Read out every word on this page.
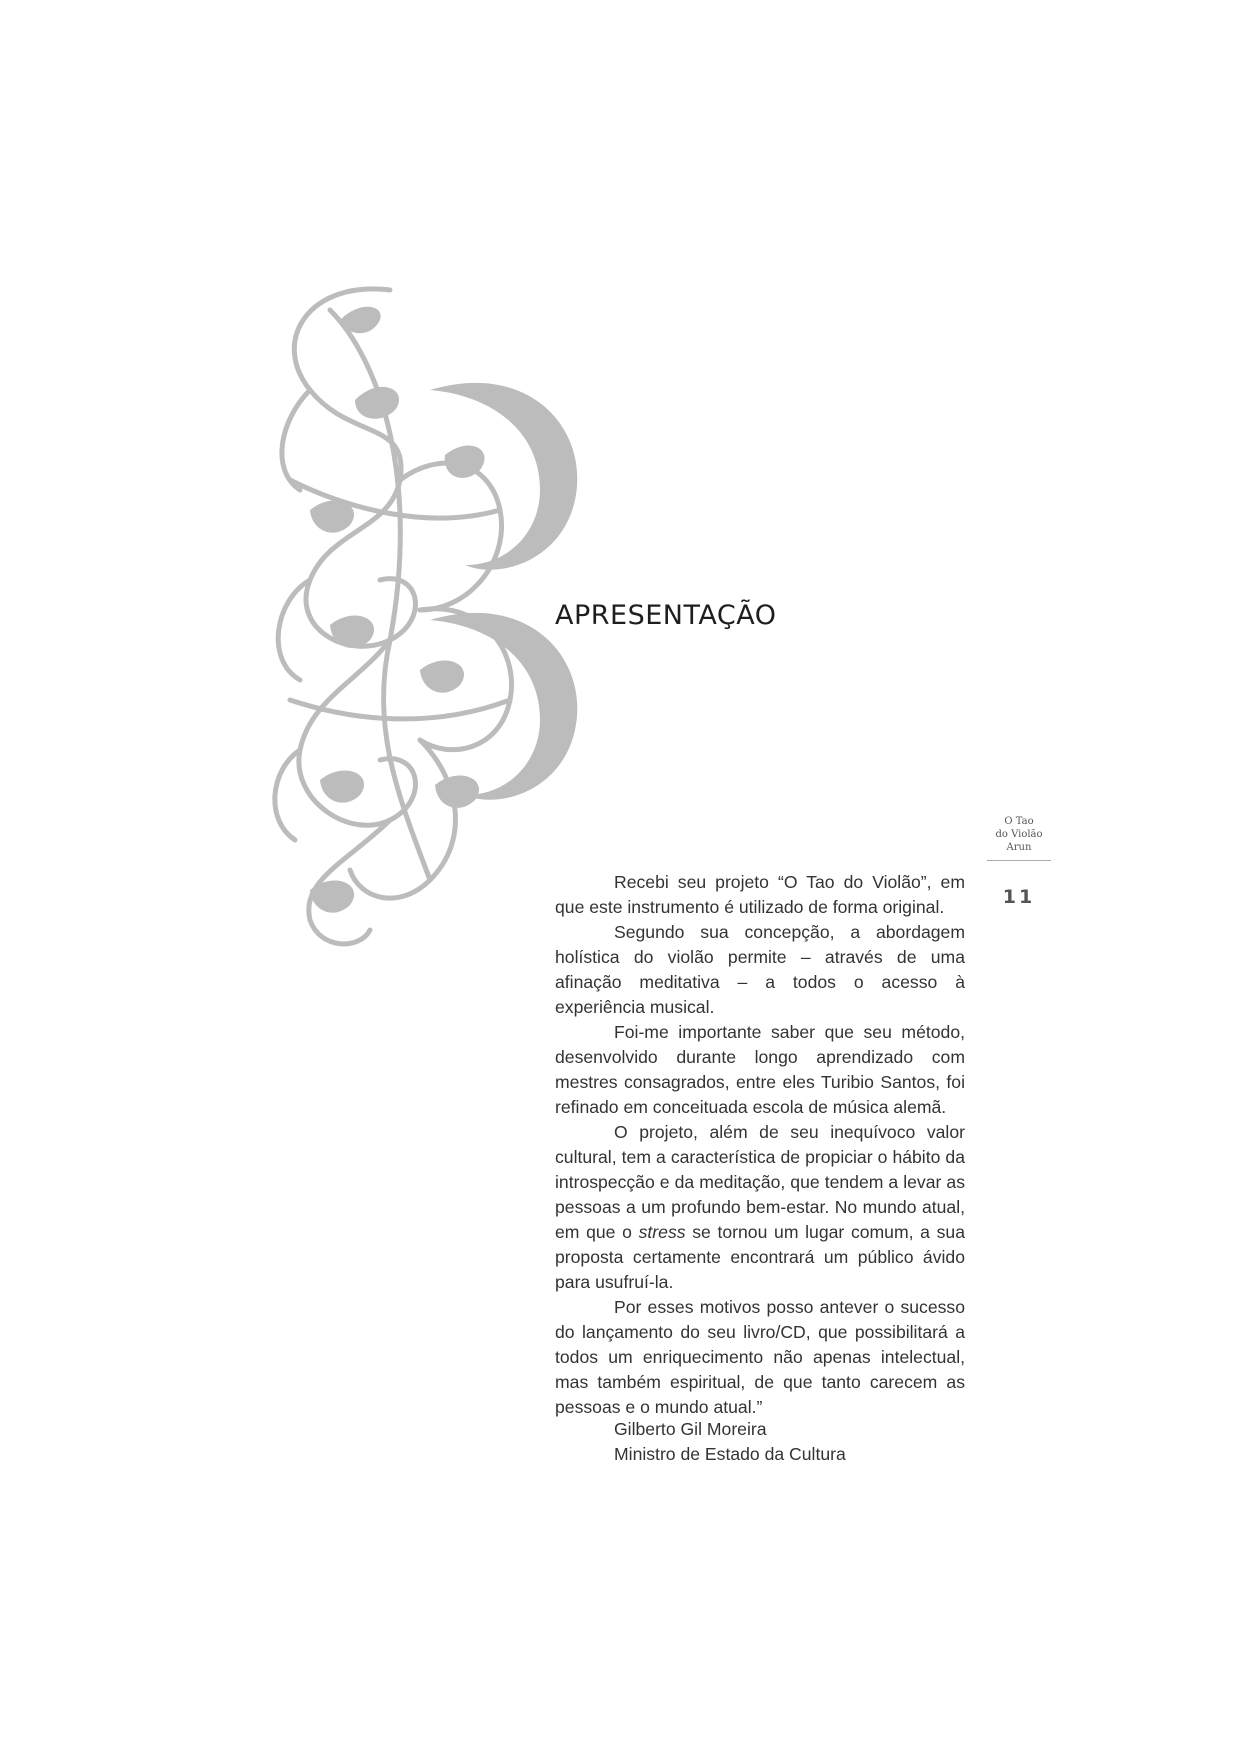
APRESENTAÇÃO
O Tao
do Violão
Arun
11

Recebi seu projeto “O Tao do Violão”, em que este instrumento é utilizado de forma original.

Segundo sua concepção, a abordagem holística do violão permite – através de uma afinação meditativa – a todos o acesso à experiência musical.

Foi-me importante saber que seu método, desenvolvido durante longo aprendizado com mestres consagrados, entre eles Turibio Santos, foi refinado em conceituada escola de música alemã.

O projeto, além de seu inequívoco valor cultural, tem a característica de propiciar o hábito da introspecção e da meditação, que tendem a levar as pessoas a um profundo bem-estar. No mundo atual, em que o stress se tornou um lugar comum, a sua proposta certamente encontrará um público ávido para usufruí-la.

Por esses motivos posso antever o sucesso do lançamento do seu livro/CD, que possibilitará a todos um enriquecimento não apenas intelectual, mas também espiritual, de que tanto carecem as pessoas e o mundo atual.”

Gilberto Gil Moreira
Ministro de Estado da Cultura
